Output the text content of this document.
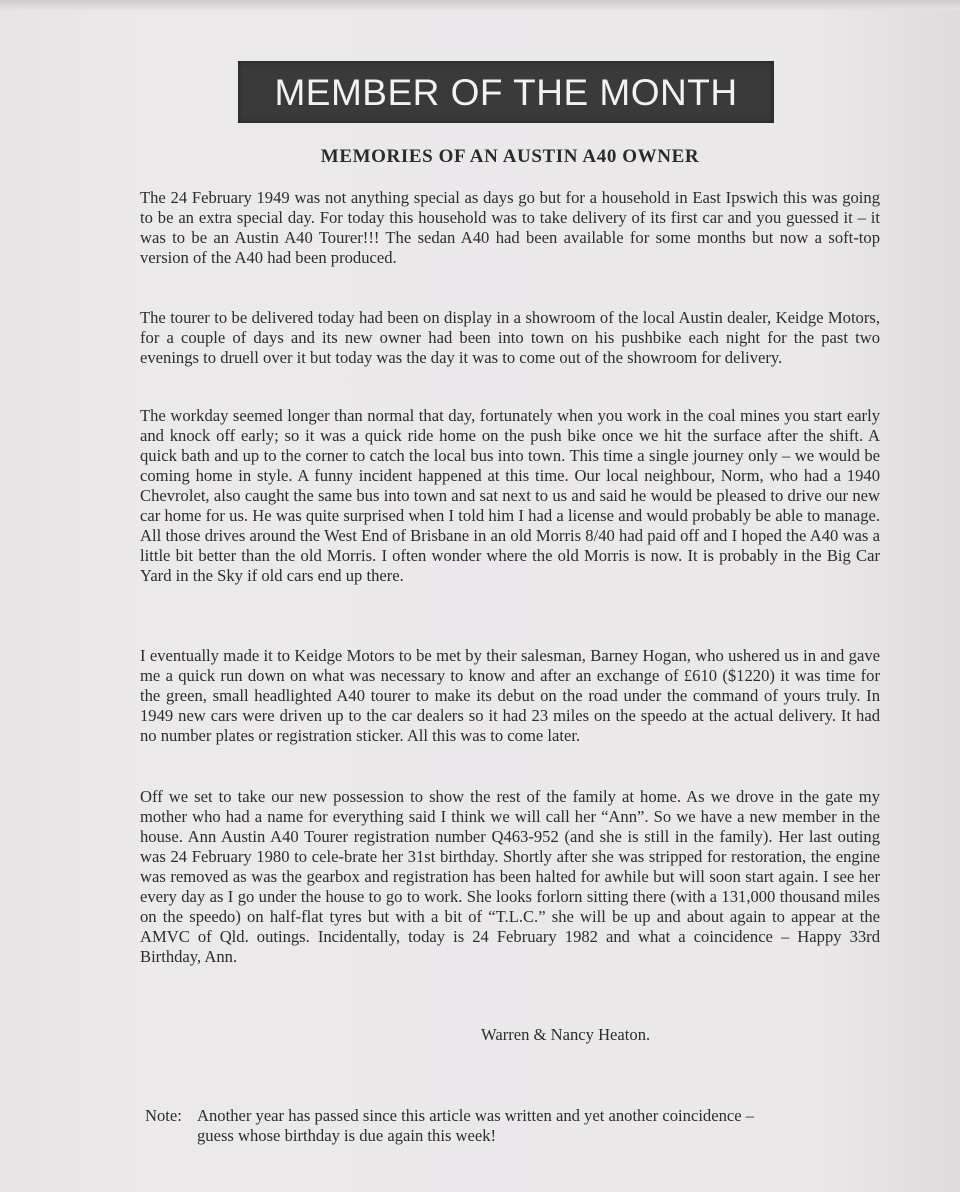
MEMBER OF THE MONTH
MEMORIES OF AN AUSTIN A40 OWNER
The 24 February 1949 was not anything special as days go but for a household in East Ipswich this was going to be an extra special day. For today this household was to take delivery of its first car and you guessed it – it was to be an Austin A40 Tourer!!! The sedan A40 had been available for some months but now a soft-top version of the A40 had been produced.
The tourer to be delivered today had been on display in a showroom of the local Austin dealer, Keidge Motors, for a couple of days and its new owner had been into town on his pushbike each night for the past two evenings to druell over it but today was the day it was to come out of the showroom for delivery.
The workday seemed longer than normal that day, fortunately when you work in the coal mines you start early and knock off early; so it was a quick ride home on the push bike once we hit the surface after the shift. A quick bath and up to the corner to catch the local bus into town. This time a single journey only – we would be coming home in style. A funny incident happened at this time. Our local neighbour, Norm, who had a 1940 Chevrolet, also caught the same bus into town and sat next to us and said he would be pleased to drive our new car home for us. He was quite surprised when I told him I had a license and would probably be able to manage. All those drives around the West End of Brisbane in an old Morris 8/40 had paid off and I hoped the A40 was a little bit better than the old Morris. I often wonder where the old Morris is now. It is probably in the Big Car Yard in the Sky if old cars end up there.
I eventually made it to Keidge Motors to be met by their salesman, Barney Hogan, who ushered us in and gave me a quick run down on what was necessary to know and after an exchange of £610 ($1220) it was time for the green, small headlighted A40 tourer to make its debut on the road under the command of yours truly. In 1949 new cars were driven up to the car dealers so it had 23 miles on the speedo at the actual delivery. It had no number plates or registration sticker. All this was to come later.
Off we set to take our new possession to show the rest of the family at home. As we drove in the gate my mother who had a name for everything said I think we will call her “Ann”. So we have a new member in the house. Ann Austin A40 Tourer registration number Q463-952 (and she is still in the family). Her last outing was 24 February 1980 to cele-brate her 31st birthday. Shortly after she was stripped for restoration, the engine was removed as was the gearbox and registration has been halted for awhile but will soon start again. I see her every day as I go under the house to go to work. She looks forlorn sitting there (with a 131,000 thousand miles on the speedo) on half-flat tyres but with a bit of “T.L.C.” she will be up and about again to appear at the AMVC of Qld. outings. Incidentally, today is 24 February 1982 and what a coincidence – Happy 33rd Birthday, Ann.
Warren & Nancy Heaton.
Note: Another year has passed since this article was written and yet another coincidence –
guess whose birthday is due again this week!
